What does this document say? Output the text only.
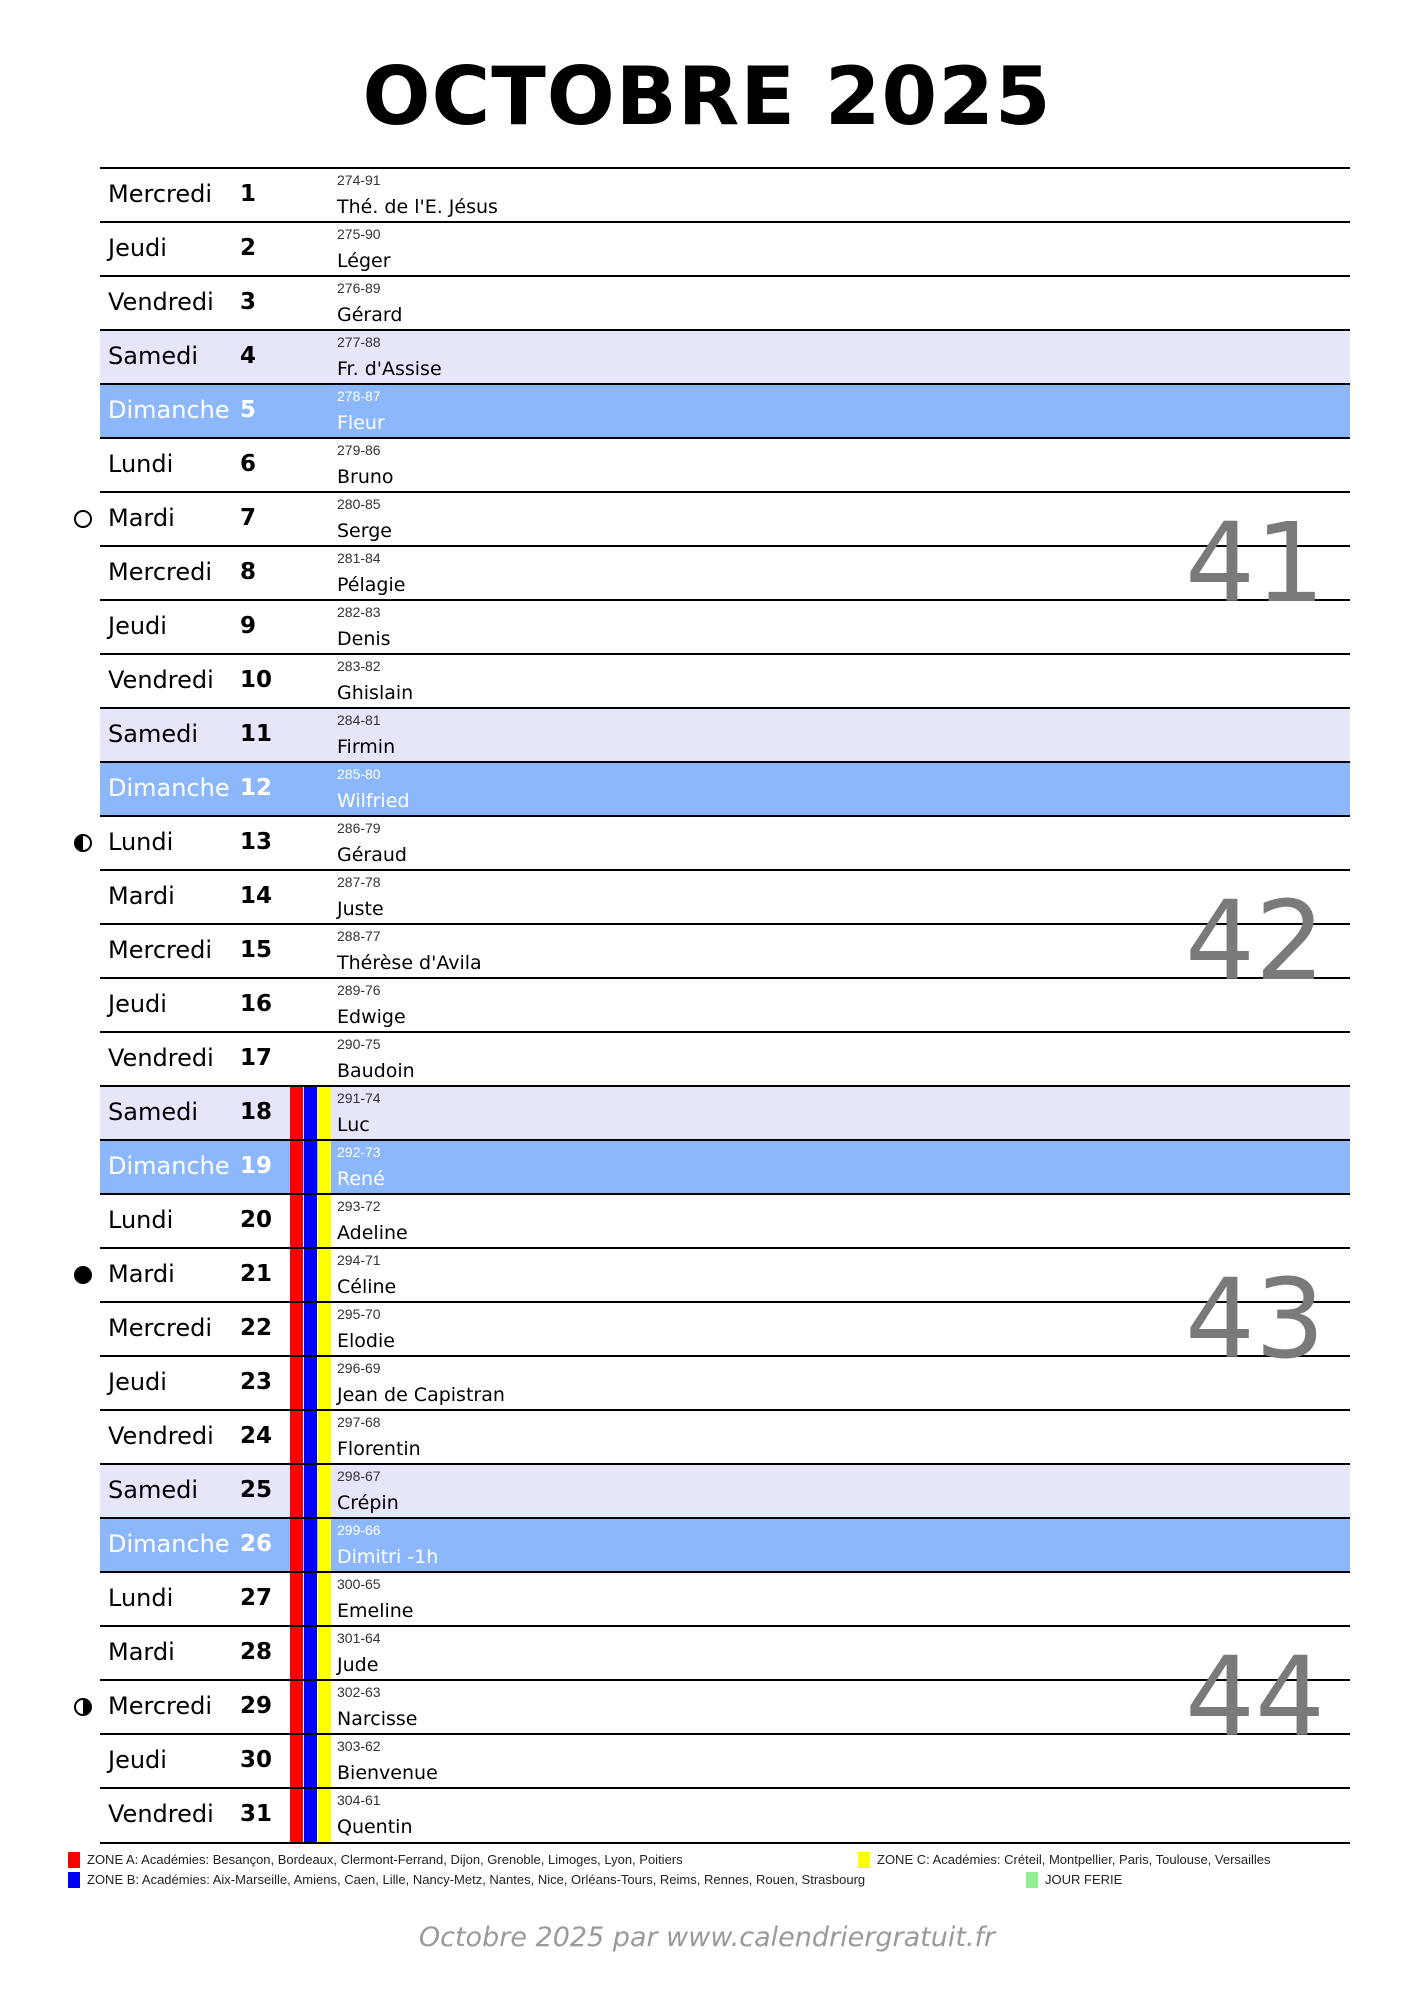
OCTOBRE 2025
Mercredi 1
274-91
Thé. de l'E. Jésus
Jeudi	2
275-90
Léger
Vendredi 3
276-89
Gérard
Samedi 4
277-88
Fr. d'Assise
Dimanche 5
278-87
Fleur
Lundi	6
279-86
Bruno
Mardi	7
280-85
Serge
Mercredi 8
281-84
Pélagie
Jeudi	9
282-83
Denis
Vendredi 10
283-82
Ghislain
Samedi 11
284-81
Firmin
Dimanche 12
285-80
Wilfried
Lundi	13
286-79
Géraud
Mardi	14
287-78
Juste
Mercredi 15
288-77
Thérèse d'Avila
Jeudi	16
289-76
Edwige
Vendredi 17
290-75
Baudoin
Samedi 18
291-74
Luc
Dimanche 19
292-73
René
Lundi	20
293-72
Adeline
Mardi	21
294-71
Céline
Mercredi 22
295-70
Elodie
Jeudi	23
296-69
Jean de Capistran
Vendredi 24
297-68
Florentin
Samedi 25
298-67
Crépin
Dimanche 26
299-66
Dimitri -1h
Lundi	27
300-65
Emeline
Mardi	28
301-64
Jude
Mercredi 29
302-63
Narcisse
Jeudi	30
303-62
Bienvenue
Vendredi 31
304-61
Quentin
41
42
43
44
ZONE A: Académies: Besançon, Bordeaux, Clermont-Ferrand, Dijon, Grenoble, Limoges, Lyon, Poitiers
ZONE B: Académies: Aix-Marseille, Amiens, Caen, Lille, Nancy-Metz, Nantes, Nice, Orléans-Tours, Reims, Rennes, Rouen, Strasbourg
ZONE C: Académies: Créteil, Montpellier, Paris, Toulouse, Versailles
JOUR FERIE
Octobre 2025 par www.calendriergratuit.fr
